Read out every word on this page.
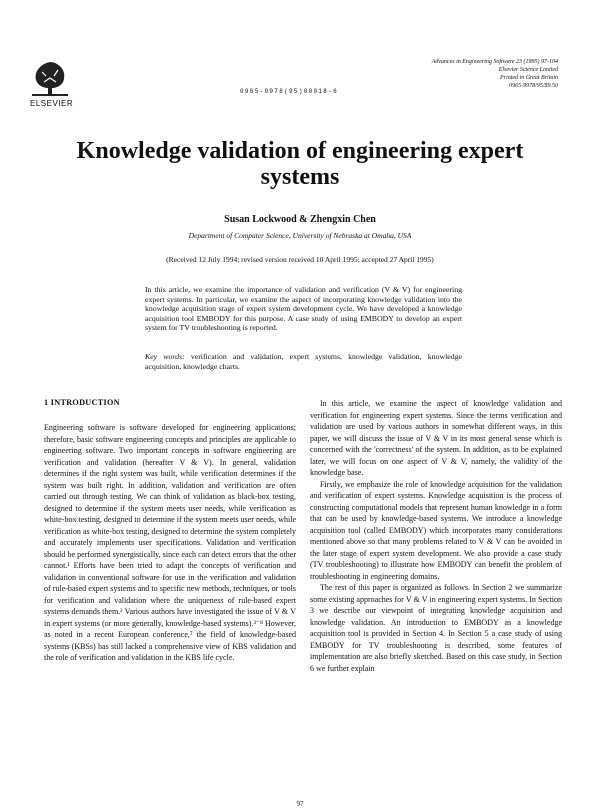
ELSEVIER
0965-9978(95)00018-6
Advances in Engineering Software 23 (1995) 97-104
Elsevier Science Limited
Printed in Great Britain
0965-9978/95/$9.50
Knowledge validation of engineering expert systems
Susan Lockwood & Zhengxin Chen
Department of Computer Science, University of Nebraska at Omaha, USA
(Received 12 July 1994; revised version received 10 April 1995; accepted 27 April 1995)
In this article, we examine the importance of validation and verification (V & V) for engineering expert systems. In particular, we examine the aspect of incorporating knowledge validation into the knowledge acquisition stage of expert system development cycle. We have developed a knowledge acquisition tool EMBODY for this purpose. A case study of using EMBODY to develop an expert system for TV troubleshooting is reported.
Key words: verification and validation, expert systems, knowledge validation, knowledge acquisition, knowledge charts.
1 INTRODUCTION

Engineering software is software developed for engineering applications; therefore, basic software engineering concepts and principles are applicable to engineering software. Two important concepts in software engineering are verification and validation (hereafter V & V). In general, validation determines if the right system was built, while verification determines if the system was built right. In addition, validation and verification are often carried out through testing. We can think of validation as black-box testing, designed to determine if the system meets user needs, while verification as white-box testing, designed to determine if the system meets user needs, while verification as white-box testing, designed to determine the system completely and accurately implements user specifications. Validation and verification should be performed synergistically, since each can detect errors that the other cannot.¹ Efforts have been tried to adapt the concepts of verification and validation in conventional software for use in the verification and validation of rule-based expert systems and to specific new methods, techniques, or tools for verification and validation where the uniqueness of rule-based expert systems demands them.² Various authors have investigated the issue of V & V in expert systems (or more generally, knowledge-based systems).³⁻⁸ However, as noted in a recent European conference,⁷ the field of knowledge-based systems (KBSs) has still lacked a comprehensive view of KBS validation and the role of verification and validation in the KBS life cycle.

In this article, we examine the aspect of knowledge validation and verification for engineering expert systems. Since the terms verification and validation are used by various authors in somewhat different ways, in this paper, we will discuss the issue of V & V in its most general sense which is concerned with the 'correctness' of the system. In addition, as to be explained later, we will focus on one aspect of V & V, namely, the validity of the knowledge base.

Firstly, we emphasize the role of knowledge acquisition for the validation and verification of expert systems. Knowledge acquisition is the process of constructing computational models that represent human knowledge in a form that can be used by knowledge-based systems. We introduce a knowledge acquisition tool (called EMBODY) which incorporates many considerations mentioned above so that many problems related to V & V can be avoided in the later stage of expert system development. We also provide a case study (TV troubleshooting) to illustrate how EMBODY can benefit the problem of troubleshooting in engineering domains.

The rest of this paper is organized as follows. In Section 2 we summarize some existing approaches for V & V in engineering expert systems. In Section 3 we describe our viewpoint of integrating knowledge acquisition and knowledge validation. An introduction to EMBODY as a knowledge acquisition tool is provided in Section 4. In Section 5 a case study of using EMBODY for TV troubleshooting is described, some features of implementation are also briefly sketched. Based on this case study, in Section 6 we further explain

97
